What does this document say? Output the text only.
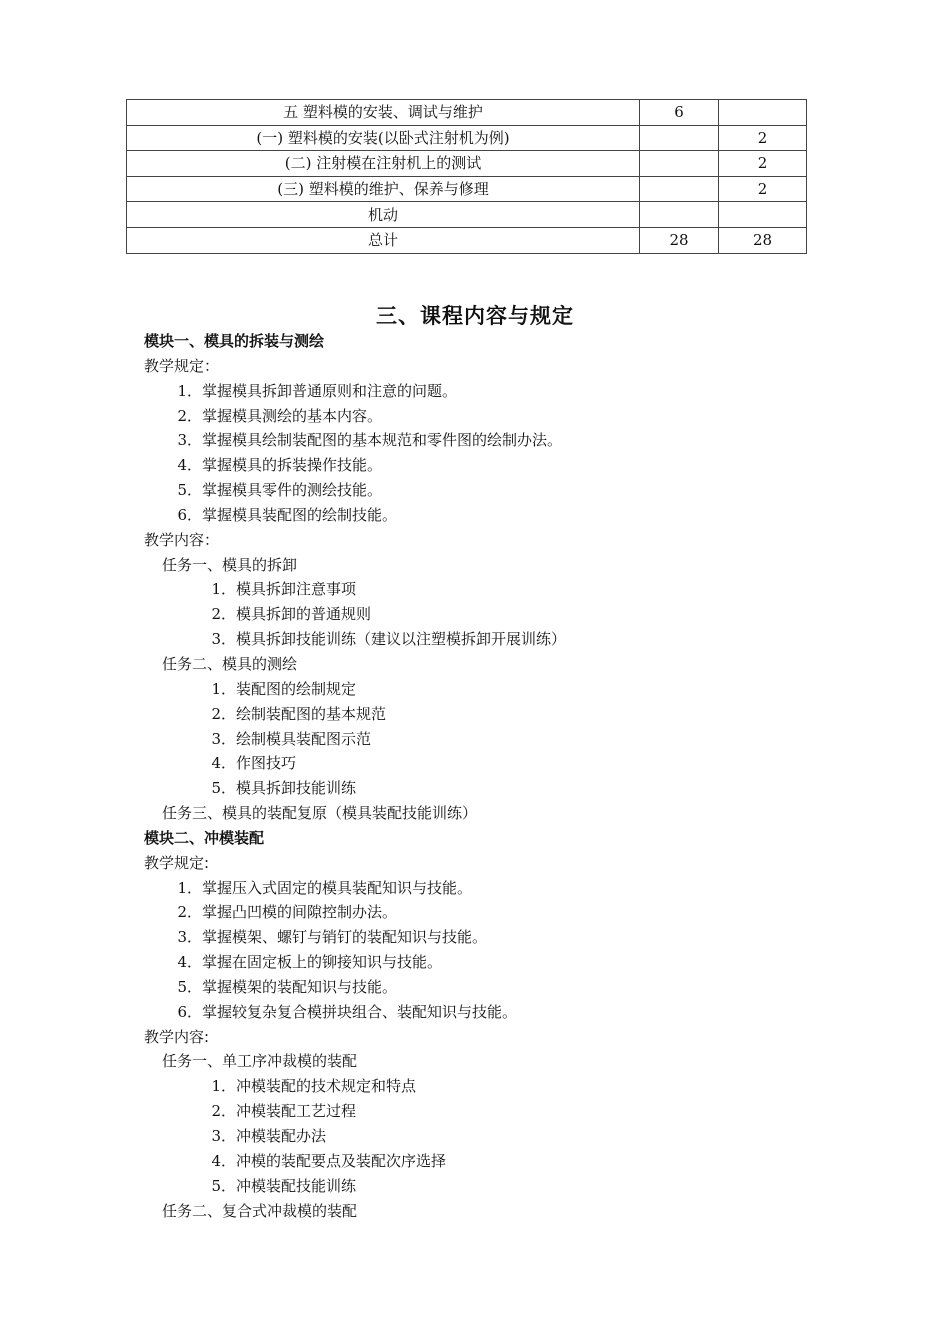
五 塑料模的安装、调试与维护	6	
(一) 塑料模的安装(以卧式注射机为例)		2
(二) 注射模在注射机上的测试		2
(三) 塑料模的维护、保养与修理		2
机动		
总计	28	28
三、课程内容与规定
模块一、模具的拆装与测绘
教学规定：
1．掌握模具拆卸普通原则和注意的问题。
2．掌握模具测绘的基本内容。
3．掌握模具绘制装配图的基本规范和零件图的绘制办法。
4．掌握模具的拆装操作技能。
5．掌握模具零件的测绘技能。
6．掌握模具装配图的绘制技能。
教学内容：
任务一、模具的拆卸
1．模具拆卸注意事项
2．模具拆卸的普通规则
3．模具拆卸技能训练（建议以注塑模拆卸开展训练）
任务二、模具的测绘
1．装配图的绘制规定
2．绘制装配图的基本规范
3．绘制模具装配图示范
4．作图技巧
5．模具拆卸技能训练
任务三、模具的装配复原（模具装配技能训练）
模块二、冲模装配
教学规定:
1．掌握压入式固定的模具装配知识与技能。
2．掌握凸凹模的间隙控制办法。
3．掌握模架、螺钉与销钉的装配知识与技能。
4．掌握在固定板上的铆接知识与技能。
5．掌握模架的装配知识与技能。
6．掌握较复杂复合模拼块组合、装配知识与技能。
教学内容:
任务一、单工序冲裁模的装配
1．冲模装配的技术规定和特点
2．冲模装配工艺过程
3．冲模装配办法
4．冲模的装配要点及装配次序选择
5．冲模装配技能训练
任务二、复合式冲裁模的装配
